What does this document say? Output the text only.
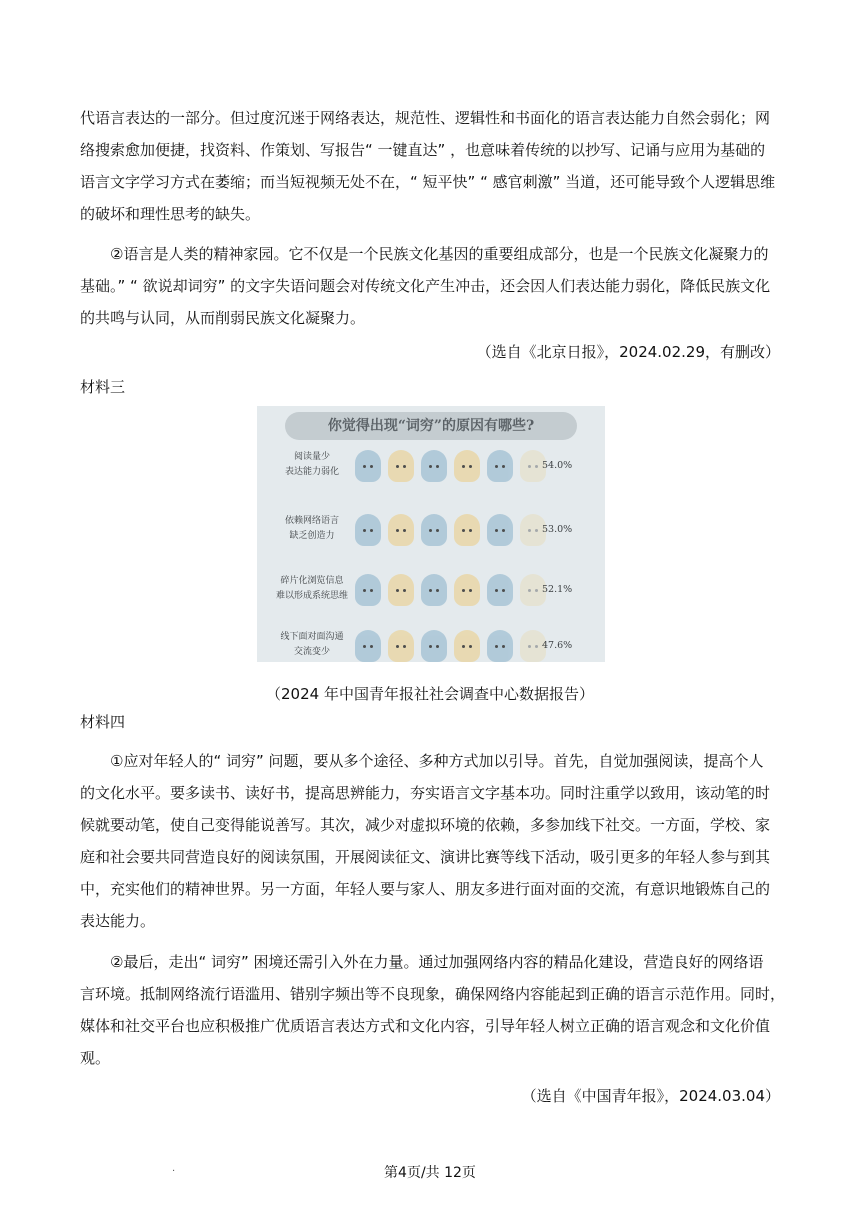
代语言表达的一部分。但过度沉迷于网络表达，规范性、逻辑性和书面化的语言表达能力自然会弱化；网
络搜索愈加便捷，找资料、作策划、写报告“ 一键直达” ，也意味着传统的以抄写、记诵与应用为基础的
语言文字学习方式在萎缩；而当短视频无处不在，“ 短平快” “ 感官刺激” 当道，还可能导致个人逻辑思维
的破坏和理性思考的缺失。
②语言是人类的精神家园。它不仅是一个民族文化基因的重要组成部分，也是一个民族文化凝聚力的
基础。” “ 欲说却词穷” 的文字失语问题会对传统文化产生冲击，还会因人们表达能力弱化，降低民族文化
的共鸣与认同，从而削弱民族文化凝聚力。
（选自《北京日报》，2024.02.29，有删改）
材料三
你觉得出现“词穷”的原因有哪些?
阅读量少
表达能力弱化
54.0%
依赖网络语言
缺乏创造力
53.0%
碎片化浏览信息
难以形成系统思维
52.1%
线下面对面沟通
交流变少
47.6%
（2024 年中国青年报社社会调查中心数据报告）
材料四
①应对年轻人的“ 词穷” 问题，要从多个途径、多种方式加以引导。首先，自觉加强阅读，提高个人
的文化水平。要多读书、读好书，提高思辨能力，夯实语言文字基本功。同时注重学以致用，该动笔的时
候就要动笔，使自己变得能说善写。其次，减少对虚拟环境的依赖，多参加线下社交。一方面，学校、家
庭和社会要共同营造良好的阅读氛围，开展阅读征文、演讲比赛等线下活动，吸引更多的年轻人参与到其
中，充实他们的精神世界。另一方面，年轻人要与家人、朋友多进行面对面的交流，有意识地锻炼自己的
表达能力。
②最后，走出“ 词穷” 困境还需引入外在力量。通过加强网络内容的精品化建设，营造良好的网络语
言环境。抵制网络流行语滥用、错别字频出等不良现象，确保网络内容能起到正确的语言示范作用。同时，
媒体和社交平台也应积极推广优质语言表达方式和文化内容，引导年轻人树立正确的语言观念和文化价值
观。
（选自《中国青年报》，2024.03.04）
.	第4页/共 12页
